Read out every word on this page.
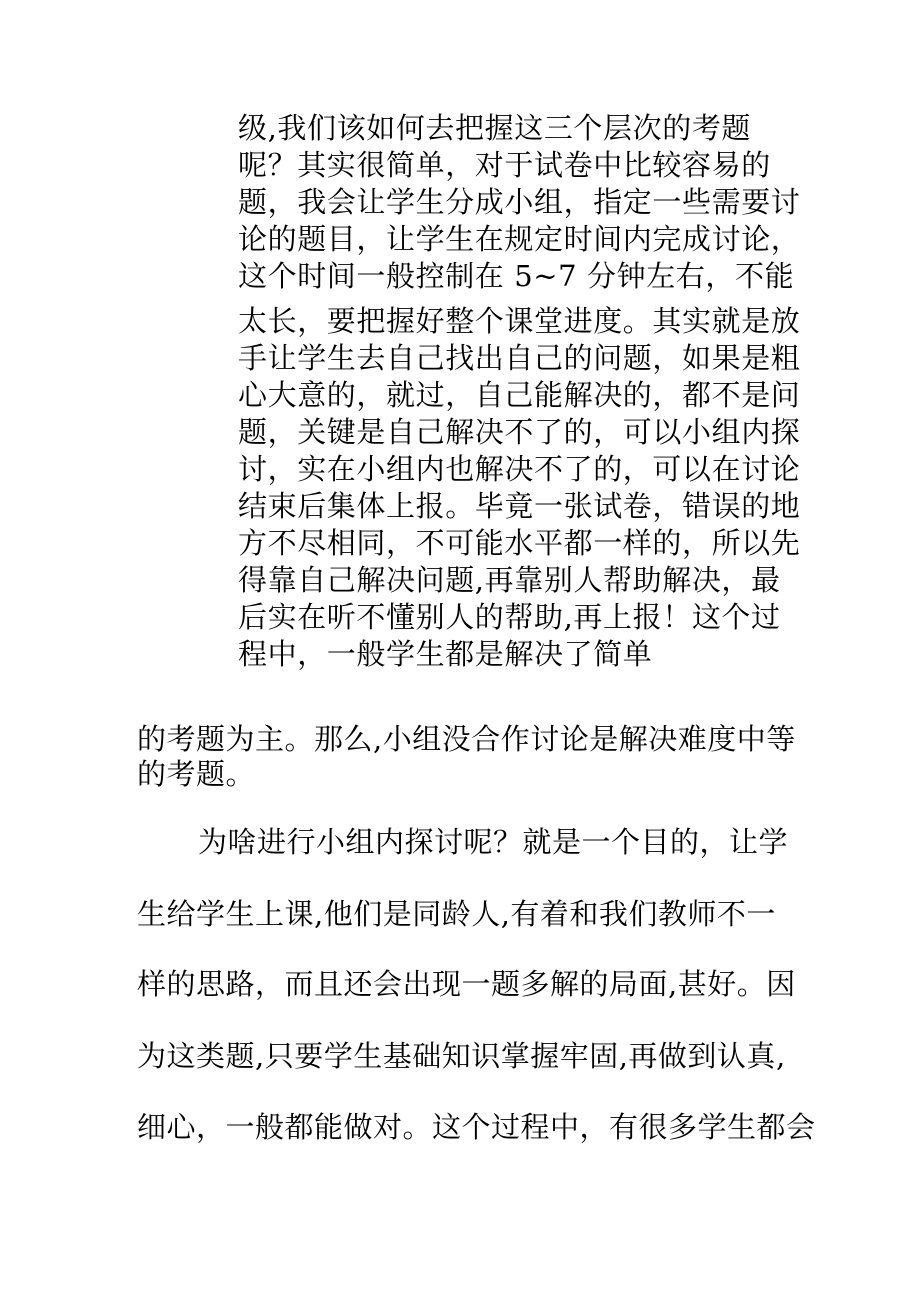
级,我们该如何去把握这三个层次的考题
呢？其实很简单，对于试卷中比较容易的
题，我会让学生分成小组，指定一些需要讨
论的题目，让学生在规定时间内完成讨论，
这个时间一般控制在 5~7 分钟左右，不能
太长，要把握好整个课堂进度。其实就是放
手让学生去自己找出自己的问题，如果是粗
心大意的，就过，自己能解决的，都不是问
题，关键是自己解决不了的，可以小组内探
讨，实在小组内也解决不了的，可以在讨论
结束后集体上报。毕竟一张试卷，错误的地
方不尽相同，不可能水平都一样的，所以先
得靠自己解决问题,再靠别人帮助解决，最
后实在听不懂别人的帮助,再上报！这个过
程中，一般学生都是解决了简单
的考题为主。那么,小组没合作讨论是解决难度中等
的考题。
为啥进行小组内探讨呢？就是一个目的，让学
生给学生上课,他们是同龄人,有着和我们教师不一
样的思路，而且还会出现一题多解的局面,甚好。因
为这类题,只要学生基础知识掌握牢固,再做到认真,
细心，一般都能做对。这个过程中，有很多学生都会
